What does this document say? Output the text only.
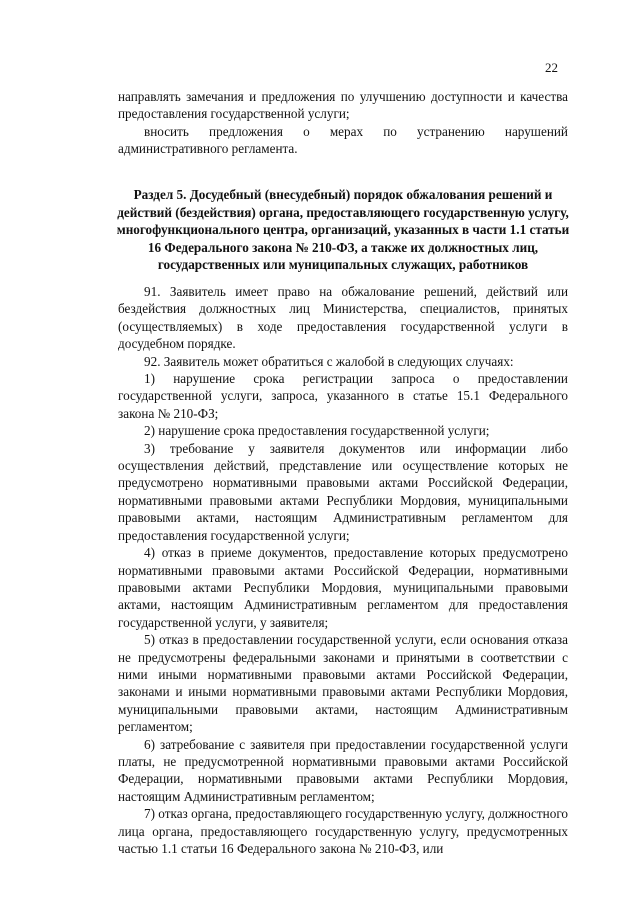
22

направлять замечания и предложения по улучшению доступности и качества предоставления государственной услуги;

вносить предложения о мерах по устранению нарушений административного регламента.

Раздел 5. Досудебный (внесудебный) порядок обжалования решений и действий (бездействия) органа, предоставляющего государственную услугу, многофункционального центра, организаций, указанных в части 1.1 статьи 16 Федерального закона № 210-ФЗ, а также их должностных лиц, государственных или муниципальных служащих, работников

91. Заявитель имеет право на обжалование решений, действий или бездействия должностных лиц Министерства, специалистов, принятых (осуществляемых) в ходе предоставления государственной услуги в досудебном порядке.

92. Заявитель может обратиться с жалобой в следующих случаях:

1) нарушение срока регистрации запроса о предоставлении государственной услуги, запроса, указанного в статье 15.1 Федерального закона № 210-ФЗ;

2) нарушение срока предоставления государственной услуги;

3) требование у заявителя документов или информации либо осуществления действий, представление или осуществление которых не предусмотрено нормативными правовыми актами Российской Федерации, нормативными правовыми актами Республики Мордовия, муниципальными правовыми актами, настоящим Административным регламентом для предоставления государственной услуги;

4) отказ в приеме документов, предоставление которых предусмотрено нормативными правовыми актами Российской Федерации, нормативными правовыми актами Республики Мордовия, муниципальными правовыми актами, настоящим Административным регламентом для предоставления государственной услуги, у заявителя;

5) отказ в предоставлении государственной услуги, если основания отказа не предусмотрены федеральными законами и принятыми в соответствии с ними иными нормативными правовыми актами Российской Федерации, законами и иными нормативными правовыми актами Республики Мордовия, муниципальными правовыми актами, настоящим Административным регламентом;

6) затребование с заявителя при предоставлении государственной услуги платы, не предусмотренной нормативными правовыми актами Российской Федерации, нормативными правовыми актами Республики Мордовия, настоящим Административным регламентом;

7) отказ органа, предоставляющего государственную услугу, должностного лица органа, предоставляющего государственную услугу, предусмотренных частью 1.1 статьи 16 Федерального закона № 210-ФЗ, или
